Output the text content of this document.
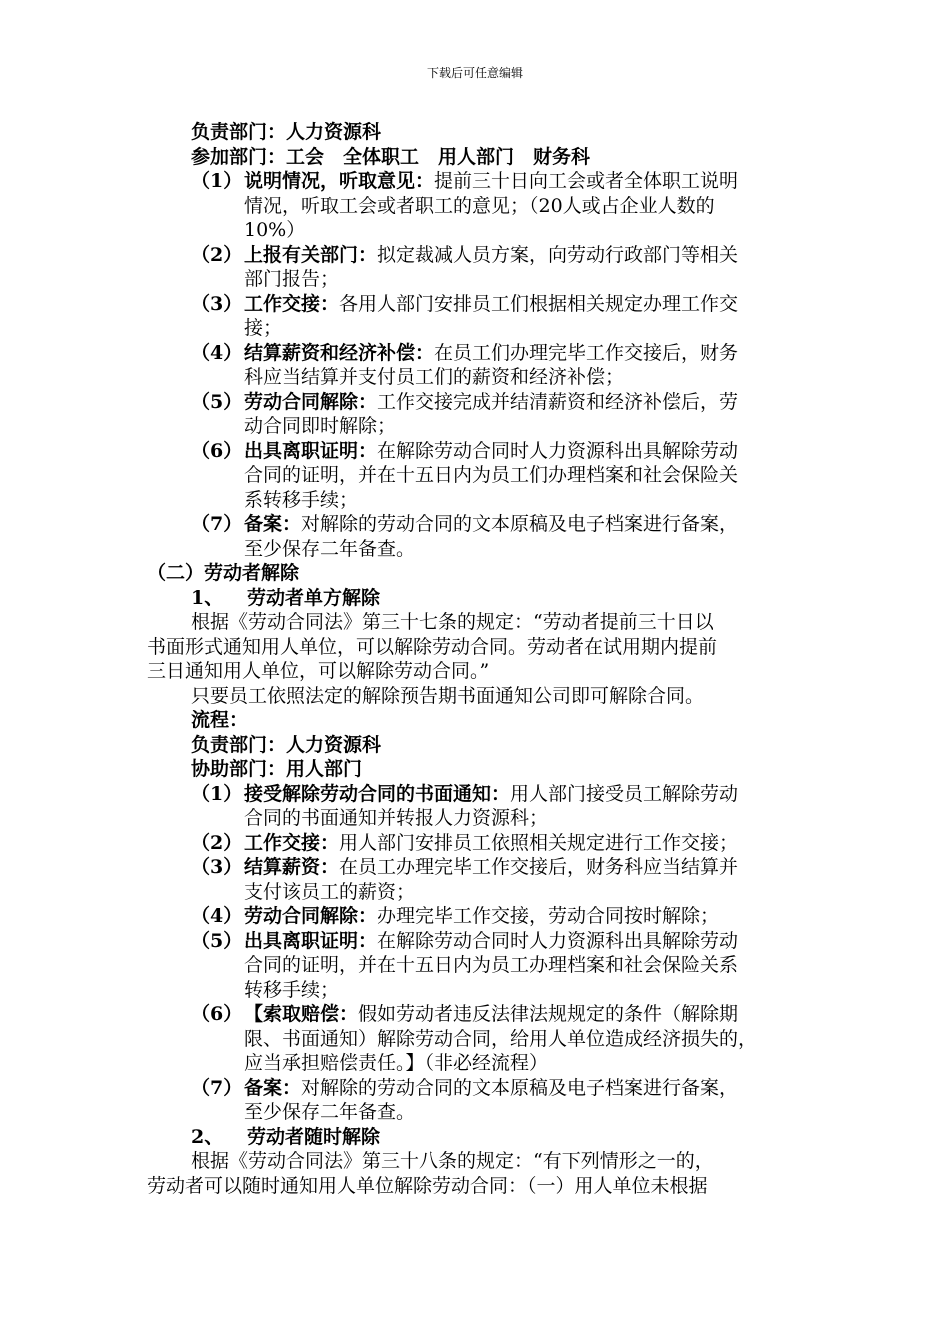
下载后可任意编辑
负责部门：人力资源科
参加部门：工会　全体职工　用人部门　财务科
（1） 说明情况，听取意见：提前三十日向工会或者全体职工说明
情况，听取工会或者职工的意见；（20人或占企业人数的
10%）
（2） 上报有关部门：拟定裁减人员方案，向劳动行政部门等相关
部门报告；
（3） 工作交接：各用人部门安排员工们根据相关规定办理工作交
接；
（4） 结算薪资和经济补偿：在员工们办理完毕工作交接后，财务
科应当结算并支付员工们的薪资和经济补偿；
（5） 劳动合同解除：工作交接完成并结清薪资和经济补偿后，劳
动合同即时解除；
（6） 出具离职证明：在解除劳动合同时人力资源科出具解除劳动
合同的证明，并在十五日内为员工们办理档案和社会保险关
系转移手续；
（7） 备案：对解除的劳动合同的文本原稿及电子档案进行备案，
至少保存二年备查。
（二）劳动者解除
1、 劳动者单方解除
根据《劳动合同法》第三十七条的规定：“劳动者提前三十日以
书面形式通知用人单位，可以解除劳动合同。劳动者在试用期内提前
三日通知用人单位，可以解除劳动合同。”
只要员工依照法定的解除预告期书面通知公司即可解除合同。
流程：
负责部门：人力资源科
协助部门：用人部门
（1） 接受解除劳动合同的书面通知：用人部门接受员工解除劳动
合同的书面通知并转报人力资源科；
（2） 工作交接：用人部门安排员工依照相关规定进行工作交接；
（3） 结算薪资：在员工办理完毕工作交接后，财务科应当结算并
支付该员工的薪资；
（4） 劳动合同解除：办理完毕工作交接，劳动合同按时解除；
（5） 出具离职证明：在解除劳动合同时人力资源科出具解除劳动
合同的证明，并在十五日内为员工办理档案和社会保险关系
转移手续；
（6） 【索取赔偿：假如劳动者违反法律法规规定的条件（解除期
限、书面通知）解除劳动合同，给用人单位造成经济损失的，
应当承担赔偿责任。】（非必经流程）
（7） 备案：对解除的劳动合同的文本原稿及电子档案进行备案，
至少保存二年备查。
2、 劳动者随时解除
根据《劳动合同法》第三十八条的规定：“有下列情形之一的，
劳动者可以随时通知用人单位解除劳动合同：（一）用人单位未根据
